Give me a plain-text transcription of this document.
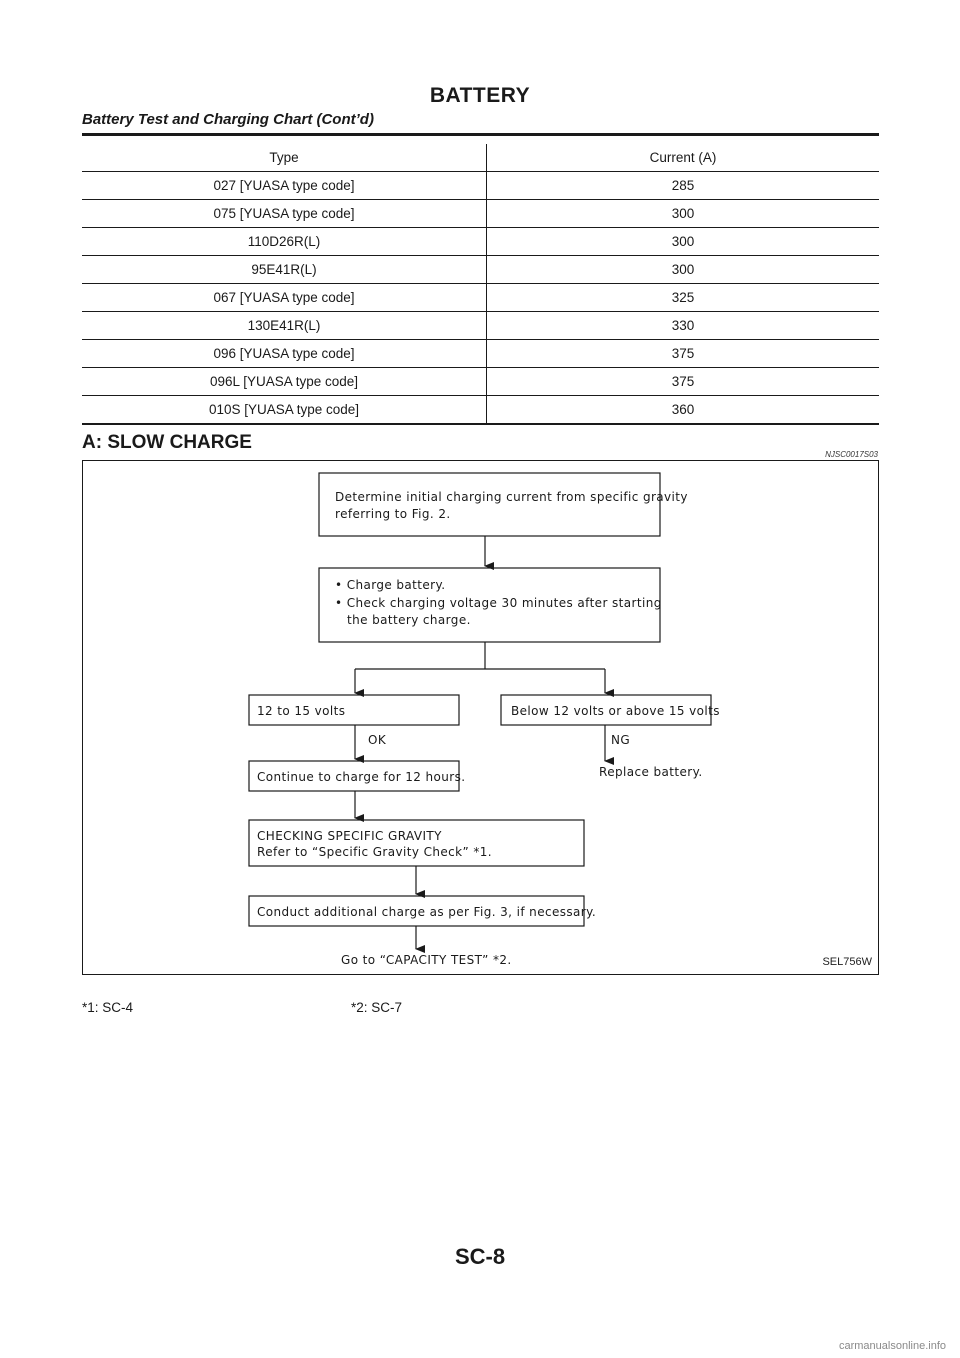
BATTERY
Battery Test and Charging Chart (Cont’d)
Type	Current (A)
027 [YUASA type code]	285
075 [YUASA type code]	300
110D26R(L)	300
95E41R(L)	300
067 [YUASA type code]	325
130E41R(L)	330
096 [YUASA type code]	375
096L [YUASA type code]	375
010S [YUASA type code]	360
A: SLOW CHARGE
NJSC0017S03
Determine initial charging current from specific gravity
referring to Fig. 2.
• Charge battery.
• Check charging voltage 30 minutes after starting
the battery charge.
12 to 15 volts	Below 12 volts or above 15 volts
OK	NG
Replace battery.
Continue to charge for 12 hours.
CHECKING SPECIFIC GRAVITY
Refer to “Specific Gravity Check” *1.
Conduct additional charge as per Fig. 3, if necessary.
Go to “CAPACITY TEST” *2.	SEL756W
*1: SC-4	*2: SC-7
SC-8
carmanualsonline.info
